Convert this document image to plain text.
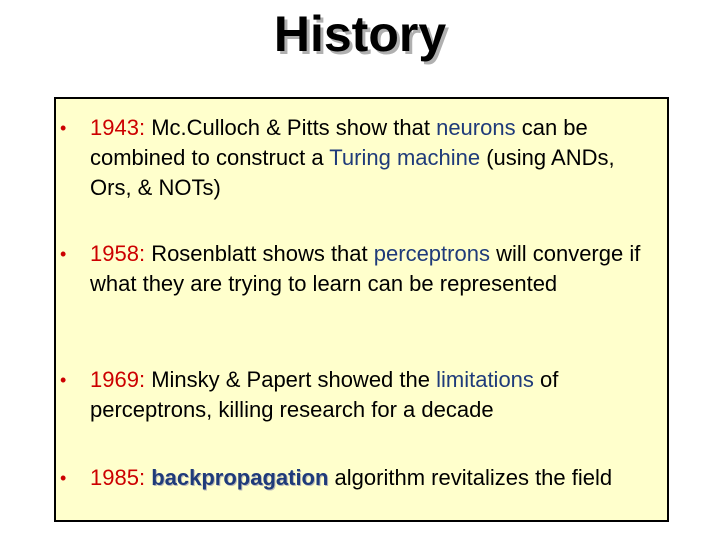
History
•	1943: Mc.Culloch & Pitts show that neurons can be combined to construct a Turing machine (using ANDs, Ors, & NOTs)
•	1958: Rosenblatt shows that perceptrons will converge if what they are trying to learn can be represented
•	1969: Minsky & Papert showed the limitations of perceptrons, killing research for a decade
•	1985: backpropagation algorithm revitalizes the field
